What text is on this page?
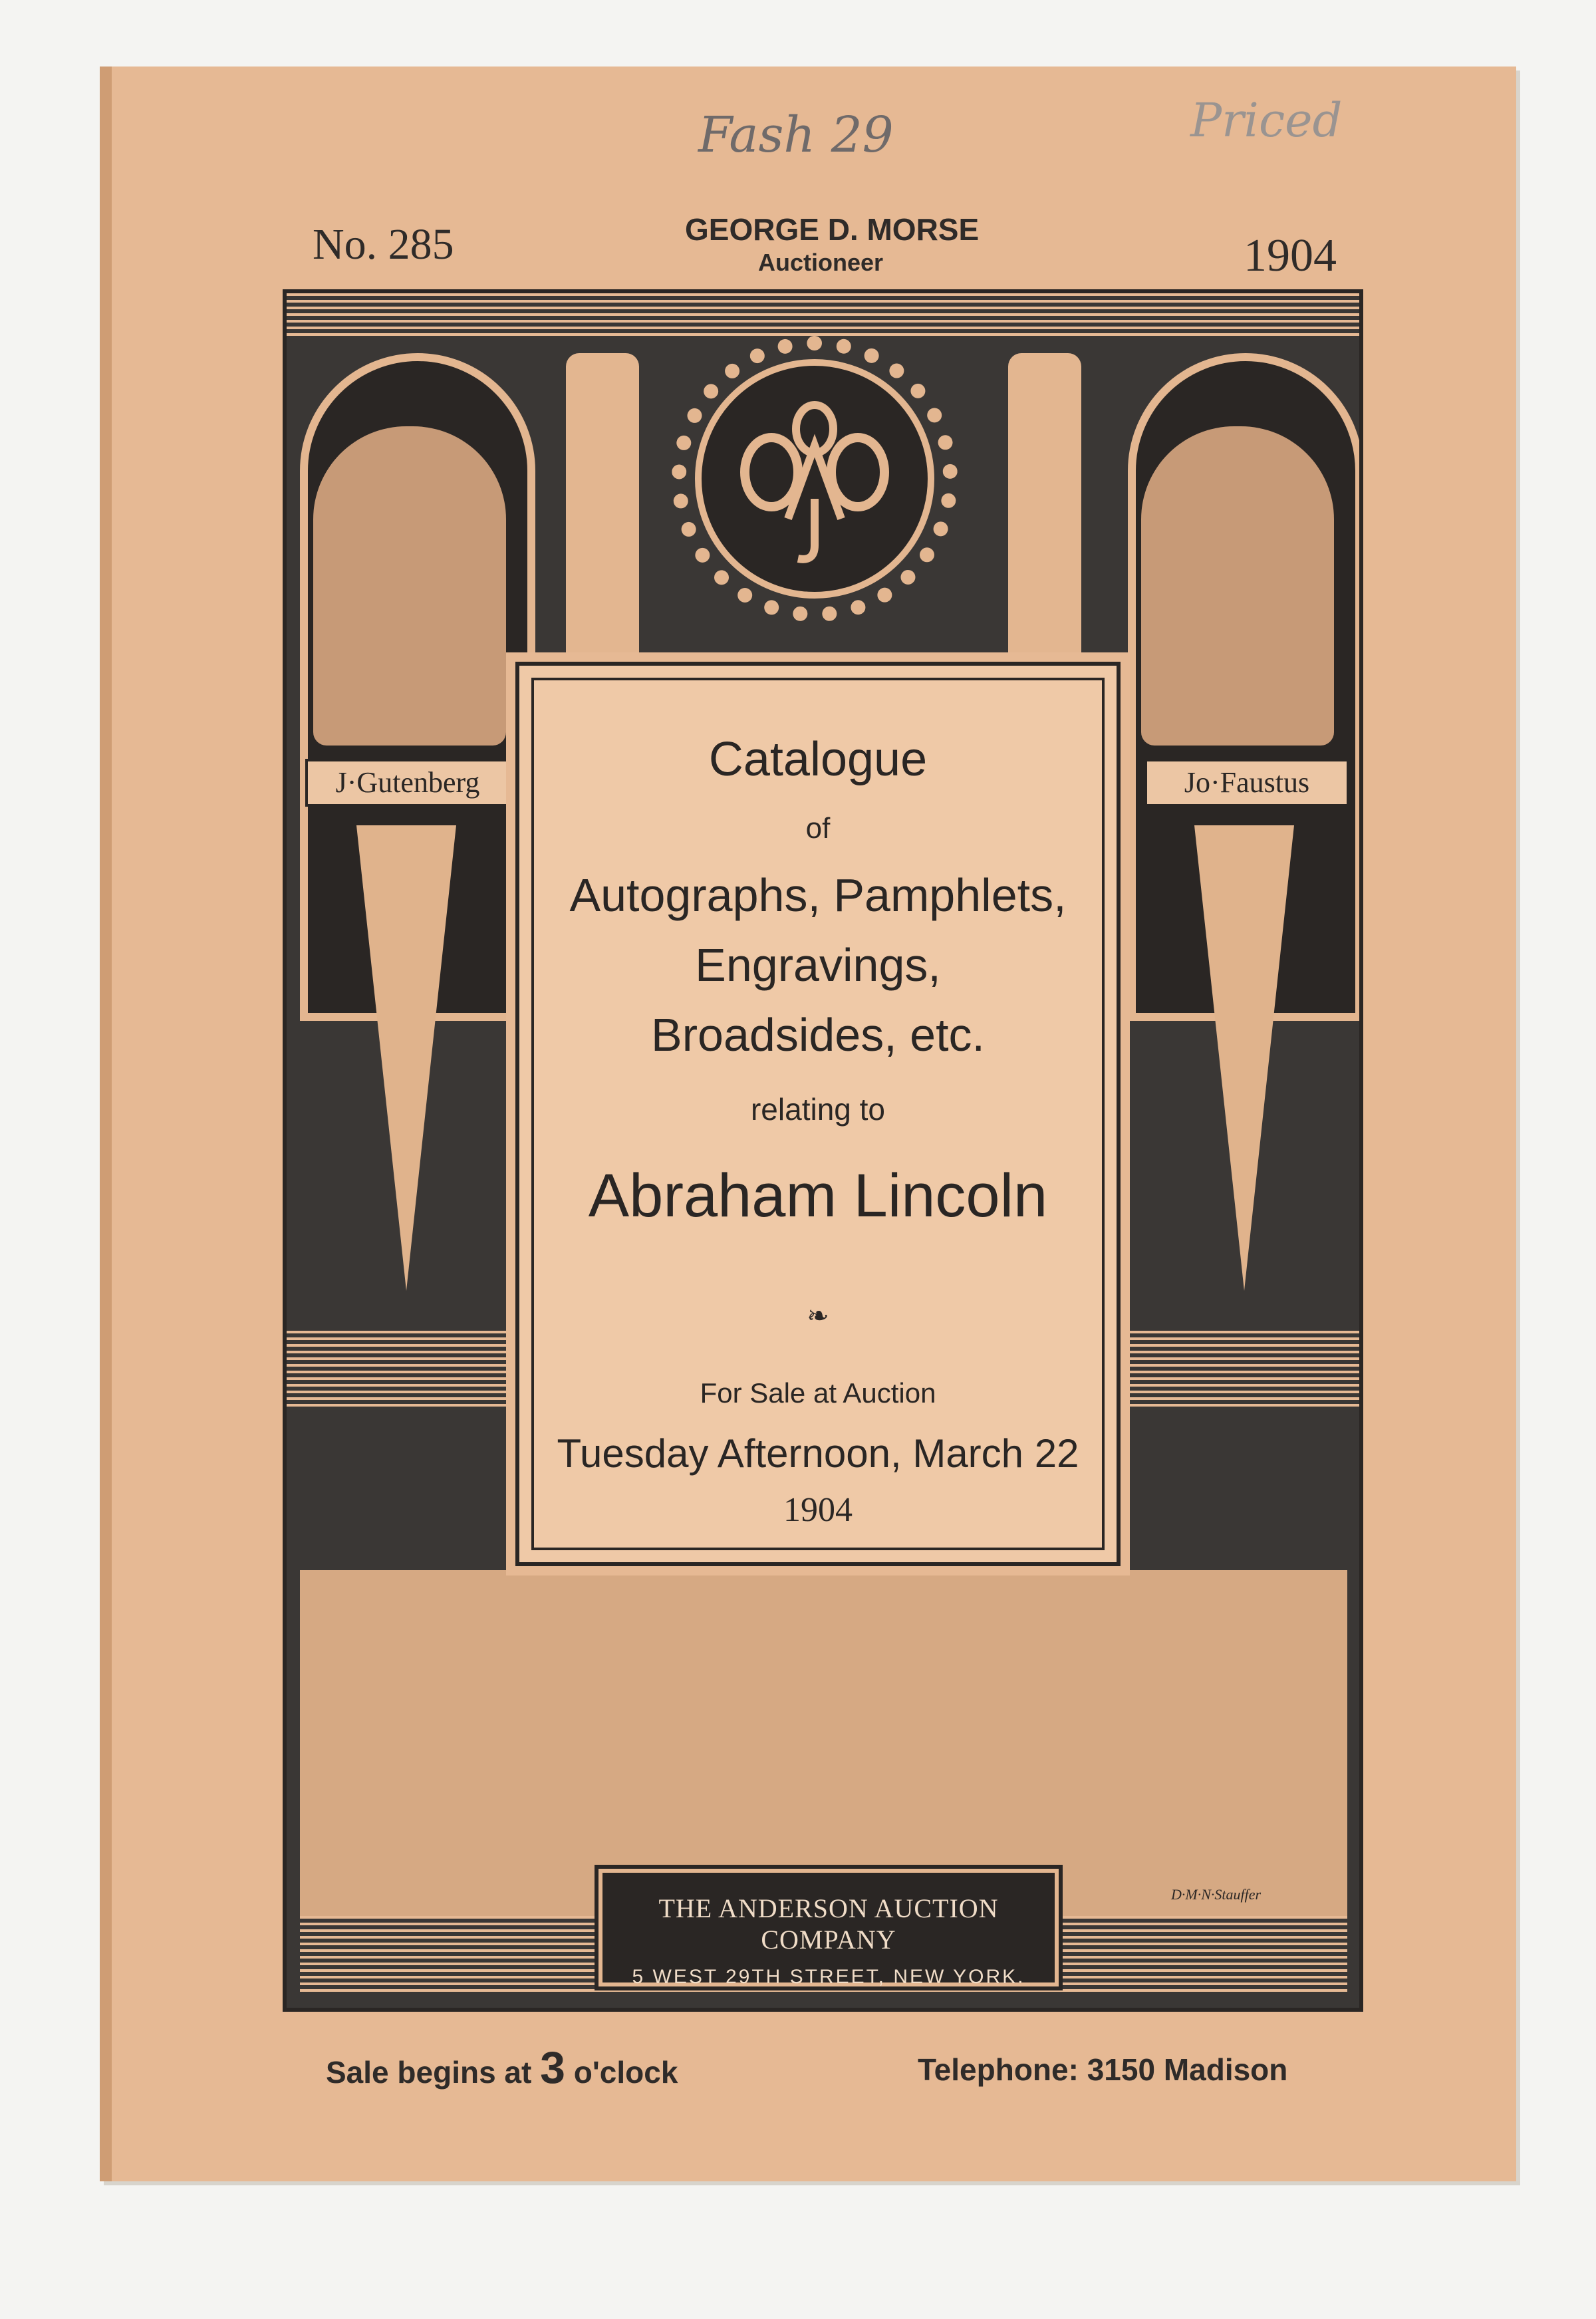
Fash 29	Priced
No. 285	GEORGE D. MORSE
Auctioneer	1904
J·Gutenberg	Jo·Faustus
D·M·N·Stauffer
Catalogue
of
Autographs, Pamphlets,
Engravings,
Broadsides, etc.
relating to
Abraham Lincoln
❧
For Sale at Auction
Tuesday Afternoon, March 22
1904
THE ANDERSON AUCTION COMPANY
5 WEST 29TH STREET, NEW YORK.
Sale begins at 3 o'clock	Telephone: 3150 Madison
